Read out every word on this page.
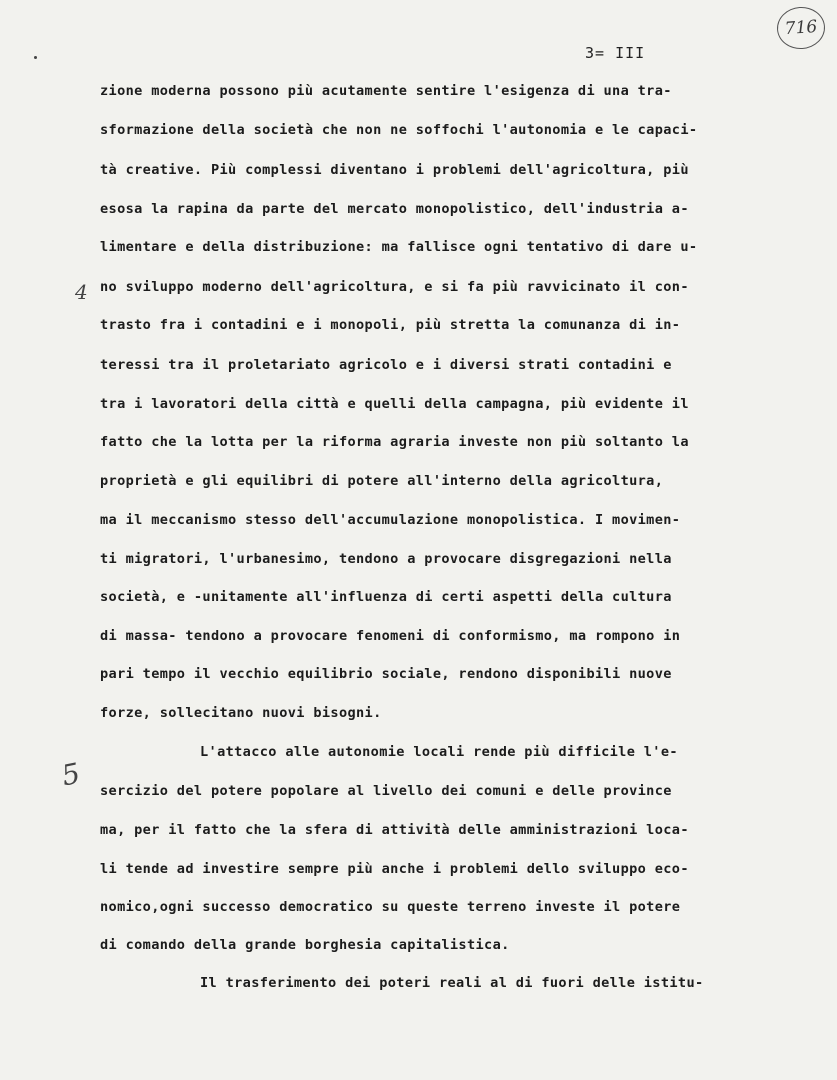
716
3= III
4
5
zione moderna possono più acutamente sentire l'esigenza di una tra-
sformazione della società che non ne soffochi l'autonomia e le capaci-
tà creative. Più complessi diventano i problemi dell'agricoltura, più
esosa la rapina da parte del mercato monopolistico, dell'industria a-
limentare e della distribuzione: ma fallisce ogni tentativo di dare u-
no sviluppo moderno dell'agricoltura, e si fa più ravvicinato il con-
trasto fra i contadini e i monopoli, più stretta la comunanza di in-
teressi tra il proletariato agricolo e i diversi strati contadini e
tra i lavoratori della città e quelli della campagna, più evidente il
fatto che la lotta per la riforma agraria investe non più soltanto la
proprietà e gli equilibri di potere all'interno della agricoltura,
ma il meccanismo stesso dell'accumulazione monopolistica. I movimen-
ti migratori, l'urbanesimo, tendono a provocare disgregazioni nella
società, e -unitamente all'influenza di certi aspetti della cultura
di massa- tendono a provocare fenomeni di conformismo, ma rompono in
pari tempo il vecchio equilibrio sociale, rendono disponibili nuove
forze, sollecitano nuovi bisogni.
L'attacco alle autonomie locali rende più difficile l'e-
sercizio del potere popolare al livello dei comuni e delle province
ma, per il fatto che la sfera di attività delle amministrazioni loca-
li tende ad investire sempre più anche i problemi dello sviluppo eco-
nomico,ogni successo democratico su queste terreno investe il potere
di comando della grande borghesia capitalistica.
Il trasferimento dei poteri reali al di fuori delle istitu-
